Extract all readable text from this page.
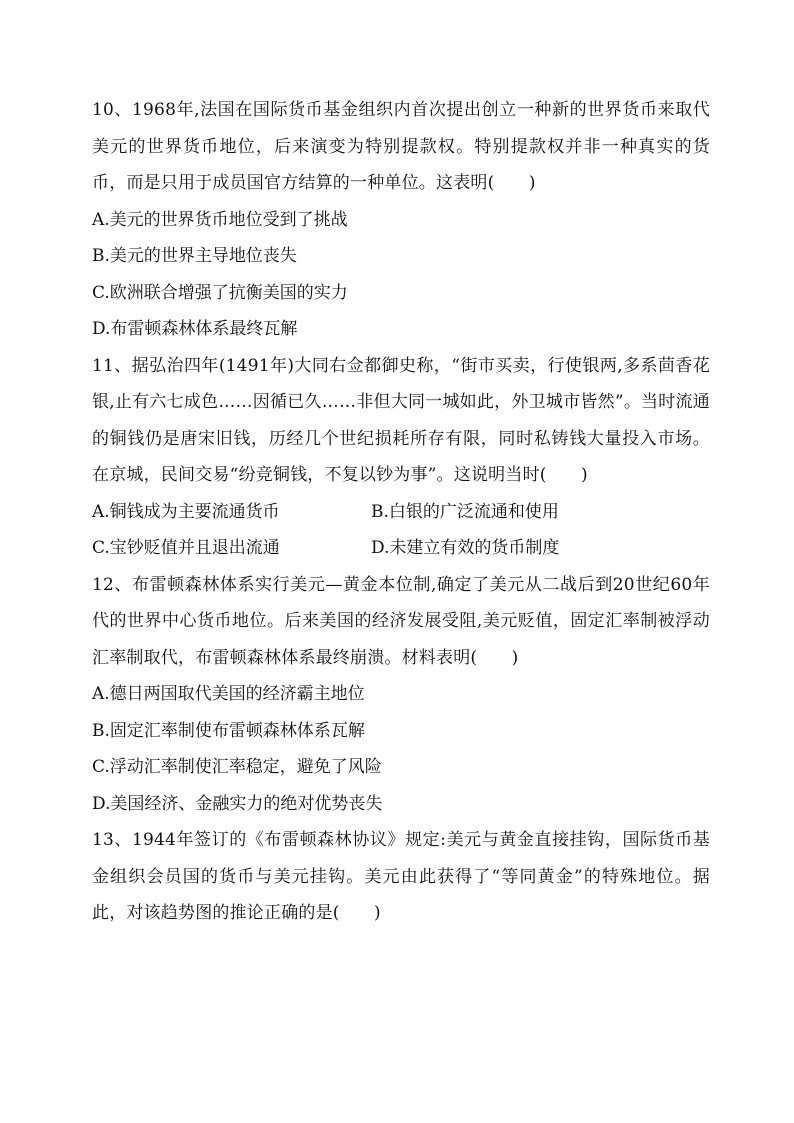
10、1968年,法国在国际货币基金组织内首次提出创立一种新的世界货币来取代美元的世界货币地位，后来演变为特别提款权。特别提款权并非一种真实的货币，而是只用于成员国官方结算的一种单位。这表明(　　)

A.美元的世界货币地位受到了挑战

B.美元的世界主导地位丧失

C.欧洲联合增强了抗衡美国的实力

D.布雷顿森林体系最终瓦解

11、据弘治四年(1491年)大同右佥都御史称，“街市买卖，行使银两,多系茴香花银,止有六七成色……因循已久……非但大同一城如此，外卫城市皆然”。当时流通的铜钱仍是唐宋旧钱，历经几个世纪损耗所存有限，同时私铸钱大量投入市场。在京城，民间交易“纷竞铜钱，不复以钞为事”。这说明当时(　　)

A.铜钱成为主要流通货币	B.白银的广泛流通和使用

C.宝钞贬值并且退出流通	D.未建立有效的货币制度

12、布雷顿森林体系实行美元—黄金本位制,确定了美元从二战后到20世纪60年代的世界中心货币地位。后来美国的经济发展受阻,美元贬值，固定汇率制被浮动汇率制取代，布雷顿森林体系最终崩溃。材料表明(　　)

A.德日两国取代美国的经济霸主地位

B.固定汇率制使布雷顿森林体系瓦解

C.浮动汇率制使汇率稳定，避免了风险

D.美国经济、金融实力的绝对优势丧失

13、1944年签订的《布雷顿森林协议》规定:美元与黄金直接挂钩，国际货币基金组织会员国的货币与美元挂钩。美元由此获得了“等同黄金”的特殊地位。据此，对该趋势图的推论正确的是(　　)
